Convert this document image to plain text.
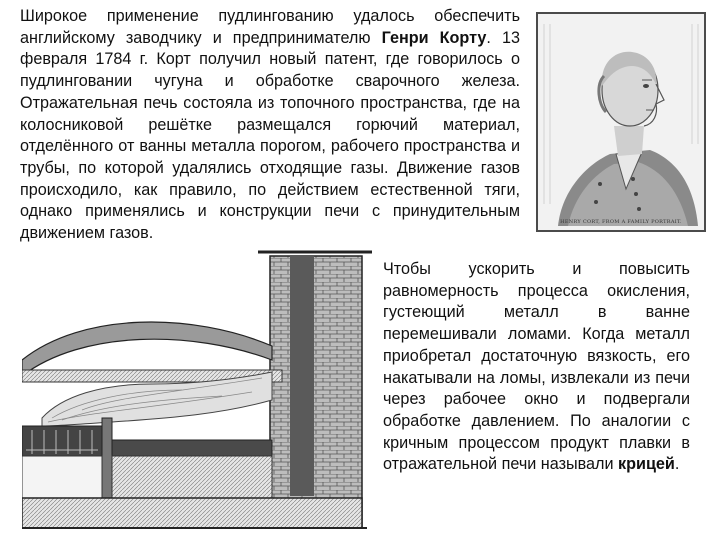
Широкое применение пудлингованию удалось обеспечить английскому заводчику и предпринимателю Генри Корту. 13 февраля 1784 г. Корт получил новый патент, где говорилось о пудлинговании чугуна и обработке сварочного железа. Отражательная печь состояла из топочного пространства, где на колосниковой решётке размещался горючий материал, отделённого от ванны металла порогом, рабочего пространства и трубы, по которой удалялись отходящие газы. Движение газов происходило, как правило, по действием естественной тяги, однако применялись и конструкции печи с принудительным движением газов.

HENRY CORT, FROM A FAMILY PORTRAIT.

Чтобы ускорить и повысить равномерность процесса окисления, густеющий металл в ванне перемешивали ломами. Когда металл приобретал достаточную вязкость, его накатывали на ломы, извлекали из печи через рабочее окно и подвергали обработке давлением. По аналогии с кричным процессом продукт плавки в отражательной печи называли крицей.
